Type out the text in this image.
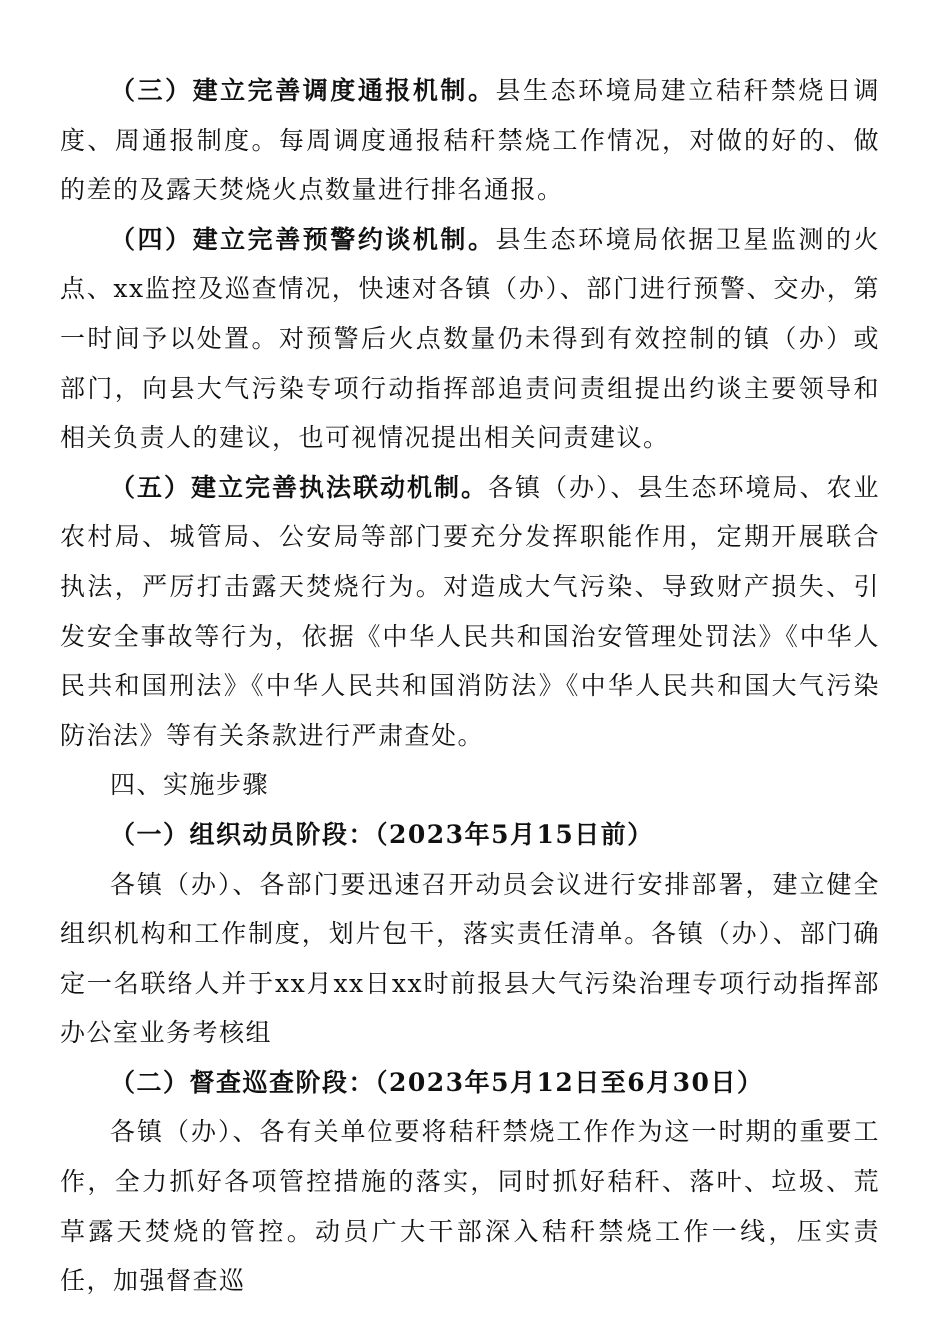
（三）建立完善调度通报机制。县生态环境局建立秸秆禁烧日调度、周通报制度。每周调度通报秸秆禁烧工作情况，对做的好的、做的差的及露天焚烧火点数量进行排名通报。

（四）建立完善预警约谈机制。县生态环境局依据卫星监测的火点、xx监控及巡查情况，快速对各镇（办）、部门进行预警、交办，第一时间予以处置。对预警后火点数量仍未得到有效控制的镇（办）或部门，向县大气污染专项行动指挥部追责问责组提出约谈主要领导和相关负责人的建议，也可视情况提出相关问责建议。

（五）建立完善执法联动机制。各镇（办）、县生态环境局、农业农村局、城管局、公安局等部门要充分发挥职能作用，定期开展联合执法，严厉打击露天焚烧行为。对造成大气污染、导致财产损失、引发安全事故等行为，依据《中华人民共和国治安管理处罚法》《中华人民共和国刑法》《中华人民共和国消防法》《中华人民共和国大气污染防治法》等有关条款进行严肃查处。

四、实施步骤

（一）组织动员阶段：（2023年5月15日前）

各镇（办）、各部门要迅速召开动员会议进行安排部署，建立健全组织机构和工作制度，划片包干，落实责任清单。各镇（办）、部门确定一名联络人并于xx月xx日xx时前报县大气污染治理专项行动指挥部办公室业务考核组

（二）督查巡查阶段：（2023年5月12日至6月30日）

各镇（办）、各有关单位要将秸秆禁烧工作作为这一时期的重要工作，全力抓好各项管控措施的落实，同时抓好秸秆、落叶、垃圾、荒草露天焚烧的管控。动员广大干部深入秸秆禁烧工作一线，压实责任，加强督查巡
